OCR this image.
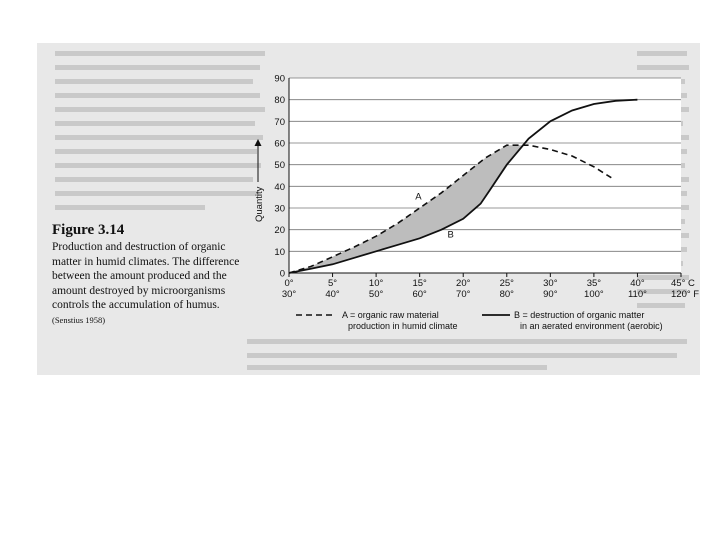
Figure 3.14
Production and destruction of organic matter in humid climates. The difference between the amount produced and the amount destroyed by microorganisms controls the accumulation of humus.
(Senstius 1958)
0
10
20
30
40
50
60
70
80
90
0°
30°
5°
40°
10°
50°
15°
60°
20°
70°
25°
80°
30°
90°
35°
100°
40°
110°
45° C
120° F
Quantity	A
B
A = organic raw material production in humid climate
B = destruction of organic matter in an aerated environment (aerobic)
